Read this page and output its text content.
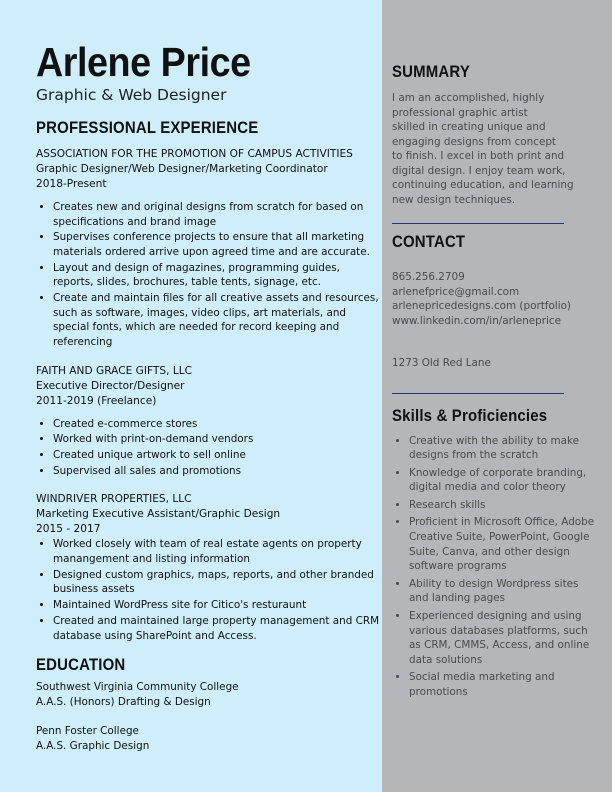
Arlene Price
Graphic & Web Designer
PROFESSIONAL EXPERIENCE
ASSOCIATION FOR THE PROMOTION OF CAMPUS ACTIVITIES
Graphic Designer/Web Designer/Marketing Coordinator
2018-Present
• Creates new and original designs from scratch for based on specifications and brand image
• Supervises conference projects to ensure that all marketing materials ordered arrive upon agreed time and are accurate.
• Layout and design of magazines, programming guides, reports, slides, brochures, table tents, signage, etc.
• Create and maintain files for all creative assets and resources, such as software, images, video clips, art materials, and special fonts, which are needed for record keeping and referencing
FAITH AND GRACE GIFTS, LLC
Executive Director/Designer
2011-2019 (Freelance)
• Created e-commerce stores
• Worked with print-on-demand vendors
• Created unique artwork to sell online
• Supervised all sales and promotions
WINDRIVER PROPERTIES, LLC
Marketing Executive Assistant/Graphic Design
2015 - 2017
• Worked closely with team of real estate agents on property manangement and listing information
• Designed custom graphics, maps, reports, and other branded business assets
• Maintained WordPress site for Citico's resturaunt
• Created and maintained large property management and CRM database using SharePoint and Access.
EDUCATION
Southwest Virginia Community College
A.A.S. (Honors) Drafting & Design
Penn Foster College
A.A.S. Graphic Design
SUMMARY
I am an accomplished, highly
professional graphic artist
skilled in creating unique and
engaging designs from concept
to finish. I excel in both print and
digital design. I enjoy team work,
continuing education, and learning
new design techniques.
CONTACT
865.256.2709
arlenefprice@gmail.com
arlenepricedesigns.com (portfolio)
www.linkedin.com/in/arleneprice
1273 Old Red Lane
Skills & Proficiencies
• Creative with the ability to make designs from the scratch
• Knowledge of corporate branding, digital media and color theory
• Research skills
• Proficient in Microsoft Office, Adobe Creative Suite, PowerPoint, Google Suite, Canva, and other design software programs
• Ability to design Wordpress sites and landing pages
• Experienced designing and using various databases platforms, such as CRM, CMMS, Access, and online data solutions
• Social media marketing and promotions
